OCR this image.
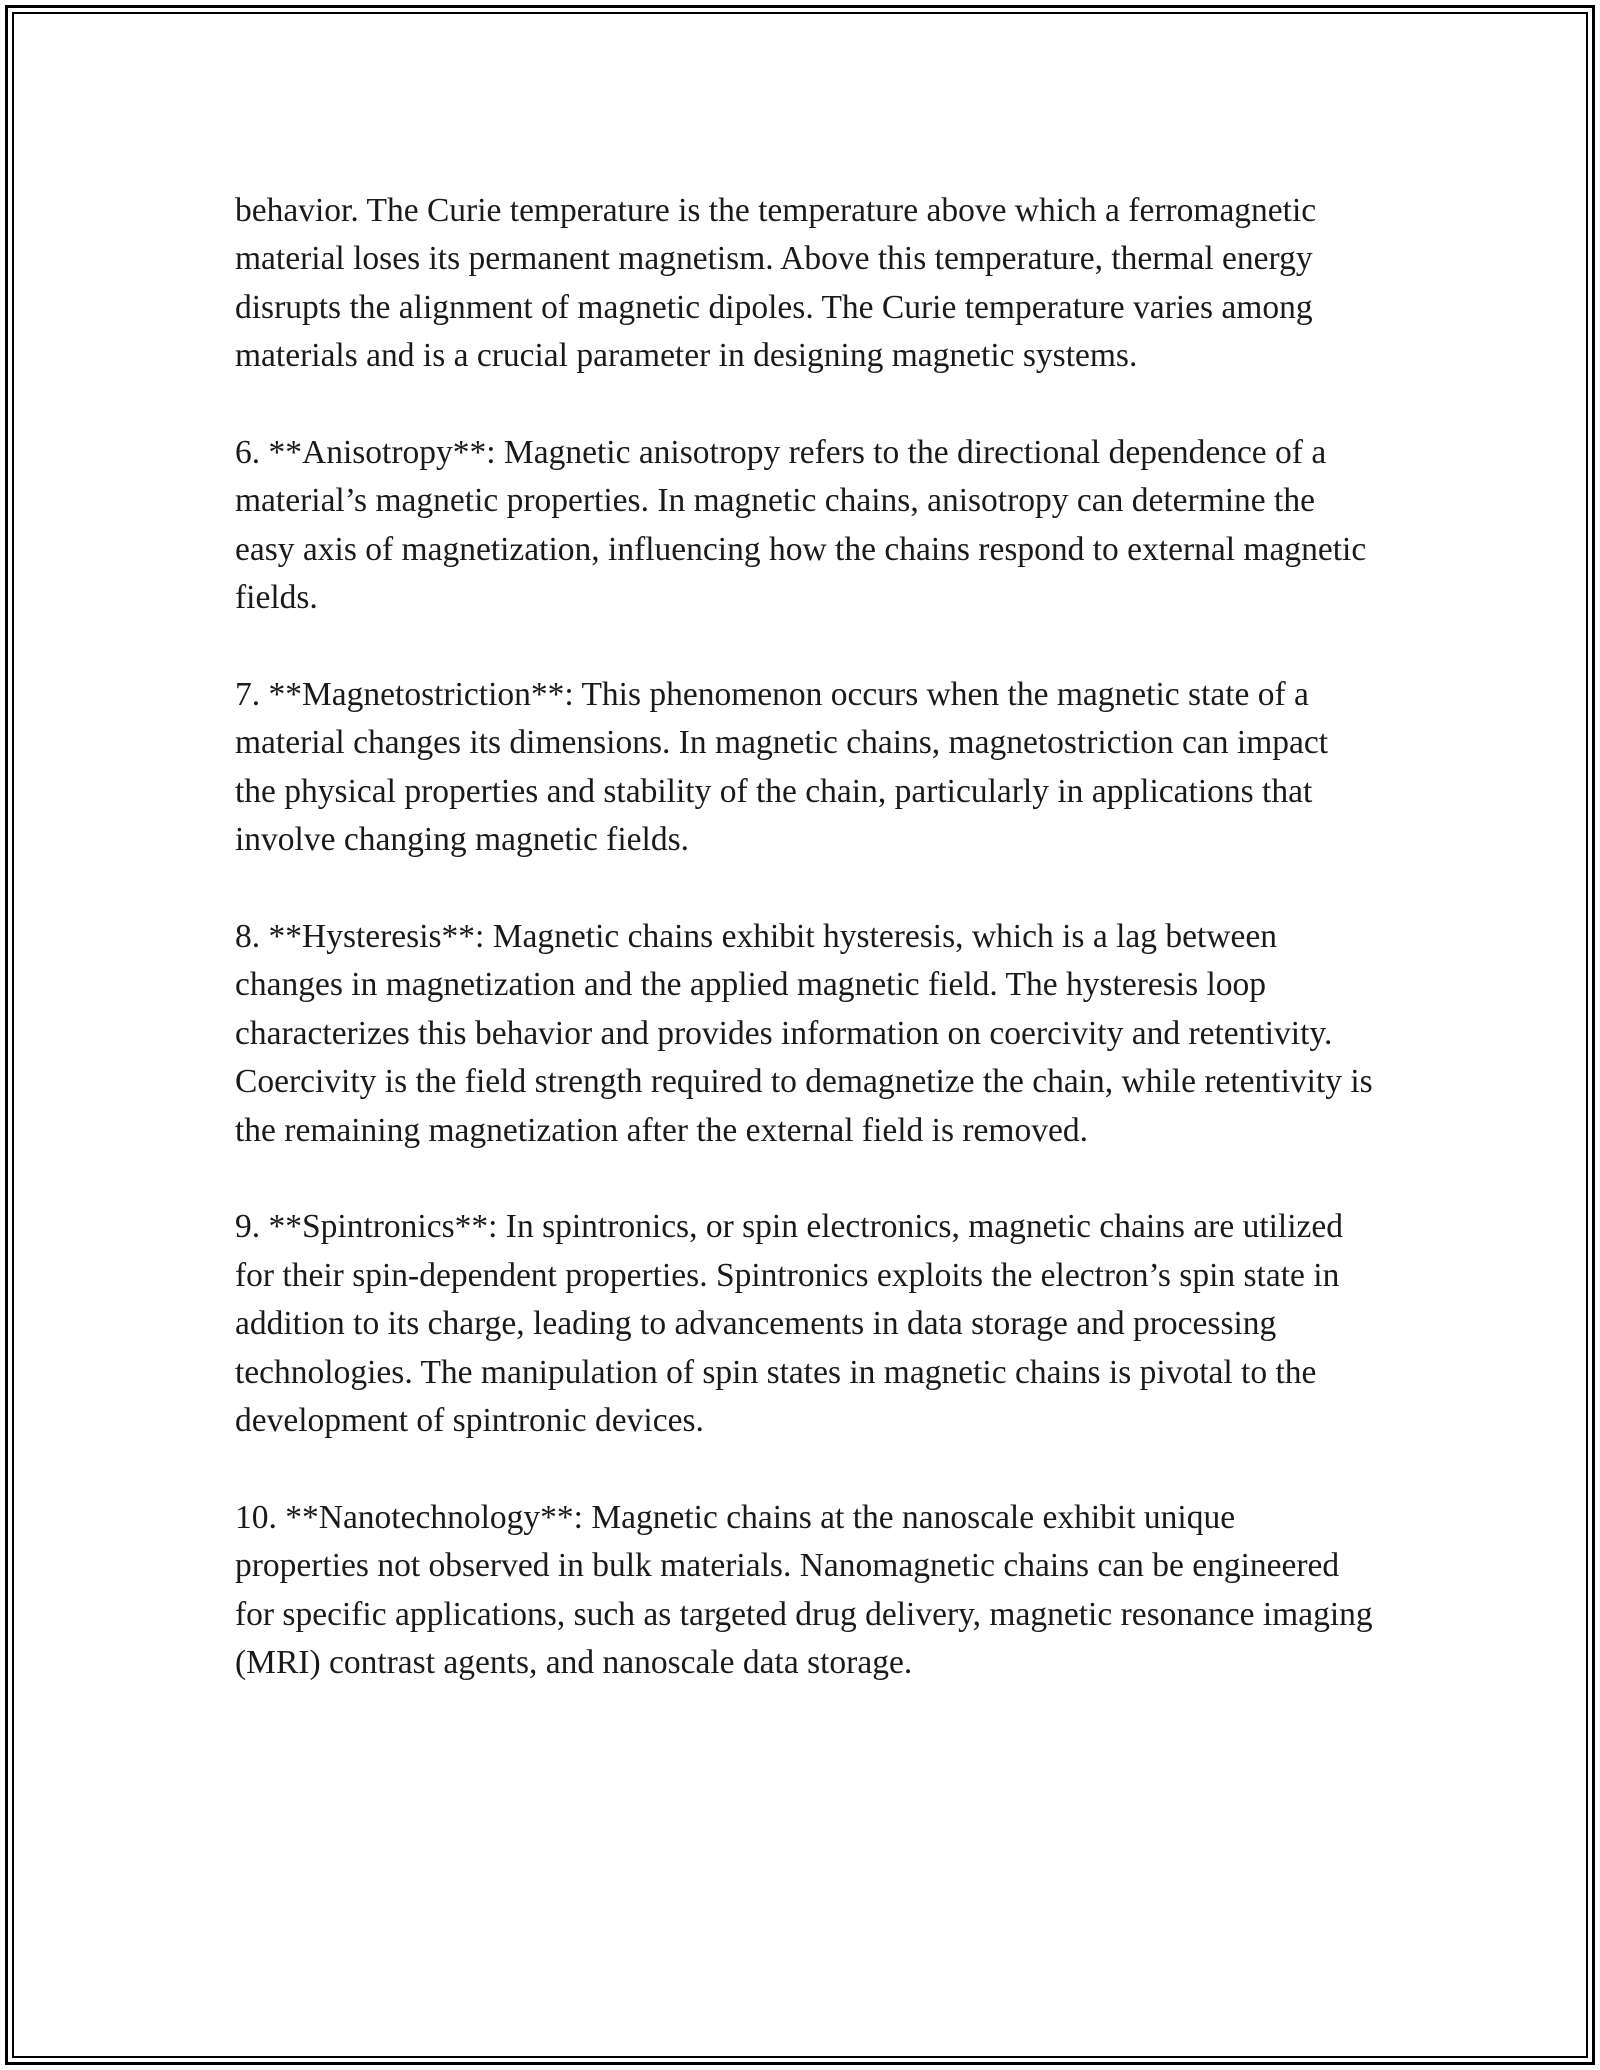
behavior. The Curie temperature is the temperature above which a ferromagnetic material loses its permanent magnetism. Above this temperature, thermal energy disrupts the alignment of magnetic dipoles. The Curie temperature varies among materials and is a crucial parameter in designing magnetic systems.

6. **Anisotropy**: Magnetic anisotropy refers to the directional dependence of a material’s magnetic properties. In magnetic chains, anisotropy can determine the easy axis of magnetization, influencing how the chains respond to external magnetic fields.

7. **Magnetostriction**: This phenomenon occurs when the magnetic state of a material changes its dimensions. In magnetic chains, magnetostriction can impact the physical properties and stability of the chain, particularly in applications that involve changing magnetic fields.

8. **Hysteresis**: Magnetic chains exhibit hysteresis, which is a lag between changes in magnetization and the applied magnetic field. The hysteresis loop characterizes this behavior and provides information on coercivity and retentivity. Coercivity is the field strength required to demagnetize the chain, while retentivity is the remaining magnetization after the external field is removed.

9. **Spintronics**: In spintronics, or spin electronics, magnetic chains are utilized for their spin-dependent properties. Spintronics exploits the electron’s spin state in addition to its charge, leading to advancements in data storage and processing technologies. The manipulation of spin states in magnetic chains is pivotal to the development of spintronic devices.

10. **Nanotechnology**: Magnetic chains at the nanoscale exhibit unique properties not observed in bulk materials. Nanomagnetic chains can be engineered for specific applications, such as targeted drug delivery, magnetic resonance imaging (MRI) contrast agents, and nanoscale data storage.
